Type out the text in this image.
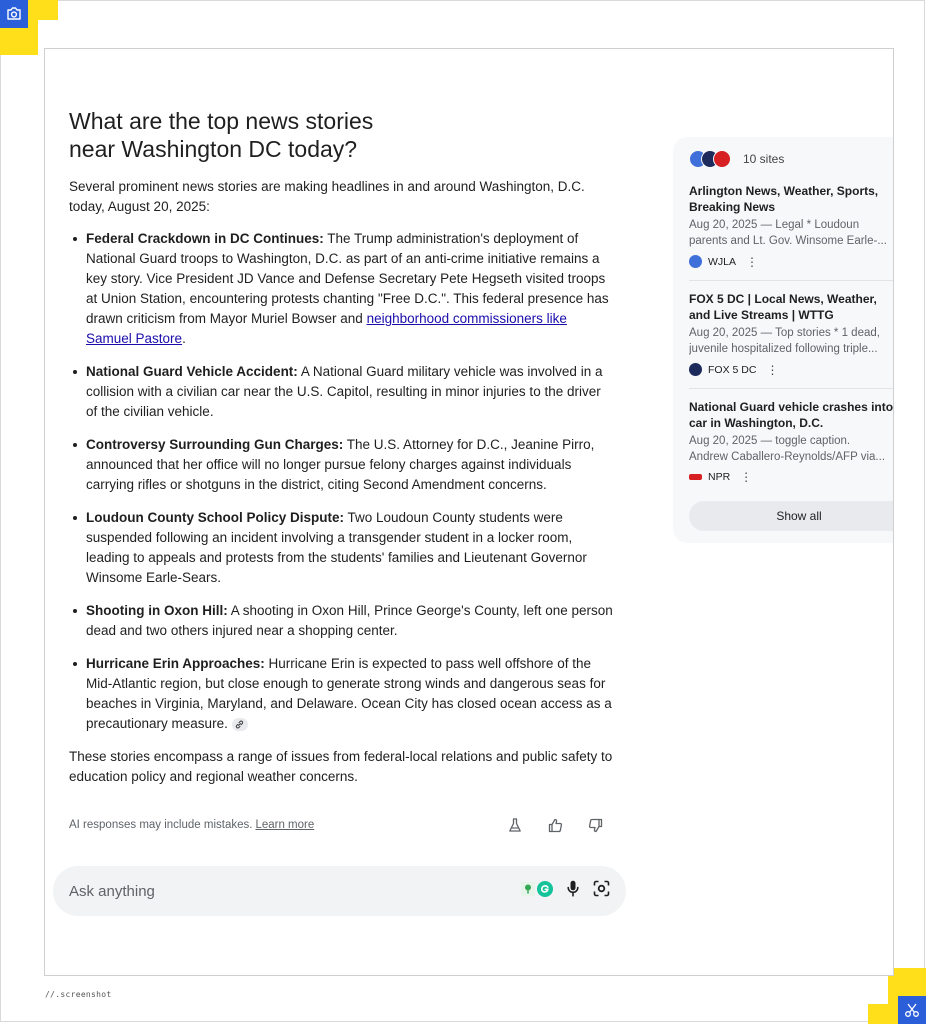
//.screenshot
What are the top news stories
near Washington DC today?

Several prominent news stories are making headlines in and around Washington, D.C. today, August 20, 2025:

Federal Crackdown in DC Continues: The Trump administration's deployment of National Guard troops to Washington, D.C. as part of an anti-crime initiative remains a key story. Vice President JD Vance and Defense Secretary Pete Hegseth visited troops at Union Station, encountering protests chanting "Free D.C.". This federal presence has drawn criticism from Mayor Muriel Bowser and neighborhood commissioners like Samuel Pastore.
National Guard Vehicle Accident: A National Guard military vehicle was involved in a collision with a civilian car near the U.S. Capitol, resulting in minor injuries to the driver of the civilian vehicle.
Controversy Surrounding Gun Charges: The U.S. Attorney for D.C., Jeanine Pirro, announced that her office will no longer pursue felony charges against individuals carrying rifles or shotguns in the district, citing Second Amendment concerns.
Loudoun County School Policy Dispute: Two Loudoun County students were suspended following an incident involving a transgender student in a locker room, leading to appeals and protests from the students' families and Lieutenant Governor Winsome Earle-Sears.
Shooting in Oxon Hill: A shooting in Oxon Hill, Prince George's County, left one person dead and two others injured near a shopping center.
Hurricane Erin Approaches: Hurricane Erin is expected to pass well offshore of the Mid-Atlantic region, but close enough to generate strong winds and dangerous seas for beaches in Virginia, Maryland, and Delaware. Ocean City has closed ocean access as a precautionary measure.

These stories encompass a range of issues from federal-local relations and public safety to education policy and regional weather concerns.

AI responses may include mistakes. Learn more
Ask anything
10 sites
Arlington News, Weather, Sports, Breaking News
Aug 20, 2025 — Legal * Loudoun
parents and Lt. Gov. Winsome Earle-...
WJLA ⋮
FOX 5 DC | Local News, Weather, and Live Streams | WTTG
Aug 20, 2025 — Top stories * 1 dead,
juvenile hospitalized following triple...
FOX 5 DC ⋮
National Guard vehicle crashes into car in Washington, D.C.
Aug 20, 2025 — toggle caption.
Andrew Caballero-Reynolds/AFP via...
NPR ⋮
Show all
